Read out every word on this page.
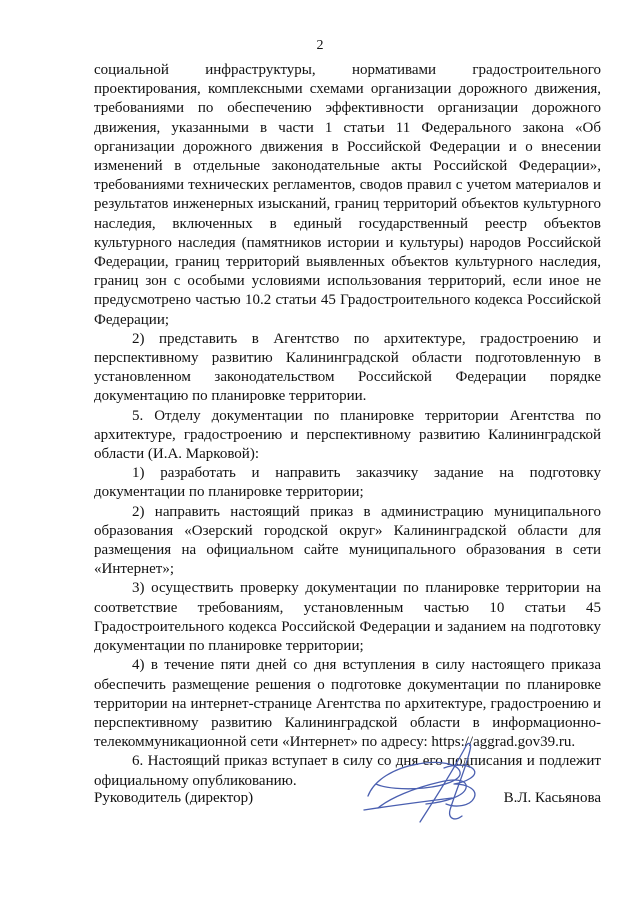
2

социальной инфраструктуры, нормативами градостроительного проектирования, комплексными схемами организации дорожного движения, требованиями по обеспечению эффективности организации дорожного движения, указанными в части 1 статьи 11 Федерального закона «Об организации дорожного движения в Российской Федерации и о внесении изменений в отдельные законодательные акты Российской Федерации», требованиями технических регламентов, сводов правил с учетом материалов и результатов инженерных изысканий, границ территорий объектов культурного наследия, включенных в единый государственный реестр объектов культурного наследия (памятников истории и культуры) народов Российской Федерации, границ территорий выявленных объектов культурного наследия, границ зон с особыми условиями использования территорий, если иное не предусмотрено частью 10.2 статьи 45 Градостроительного кодекса Российской Федерации;

2) представить в Агентство по архитектуре, градостроению и перспективному развитию Калининградской области подготовленную в установленном законодательством Российской Федерации порядке документацию по планировке территории.

5. Отделу документации по планировке территории Агентства по архитектуре, градостроению и перспективному развитию Калининградской области (И.А. Марковой):

1) разработать и направить заказчику задание на подготовку документации по планировке территории;

2) направить настоящий приказ в администрацию муниципального образования «Озерский городской округ» Калининградской области для размещения на официальном сайте муниципального образования в сети «Интернет»;

3) осуществить проверку документации по планировке территории на соответствие требованиям, установленным частью 10 статьи 45 Градостроительного кодекса Российской Федерации и заданием на подготовку документации по планировке территории;

4) в течение пяти дней со дня вступления в силу настоящего приказа обеспечить размещение решения о подготовке документации по планировке территории на интернет-странице Агентства по архитектуре, градостроению и перспективному развитию Калининградской области в информационно-телекоммуникационной сети «Интернет» по адресу: https://aggrad.gov39.ru.

6. Настоящий приказ вступает в силу со дня его подписания и подлежит официальному опубликованию.

Руководитель (директор)	В.Л. Касьянова
